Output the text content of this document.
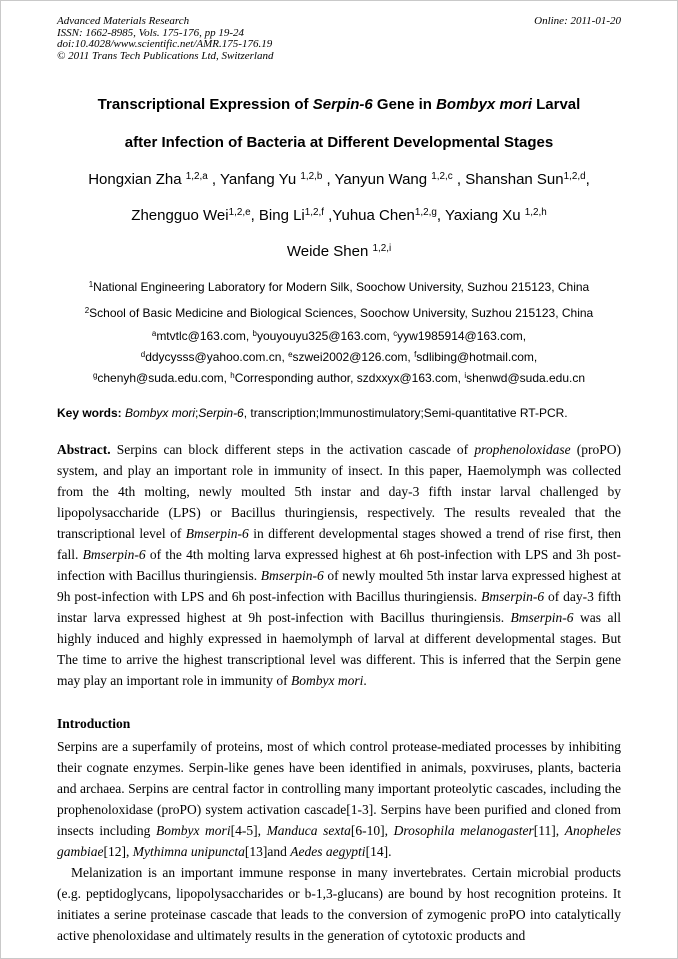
Advanced Materials Research
ISSN: 1662-8985, Vols. 175-176, pp 19-24
doi:10.4028/www.scientific.net/AMR.175-176.19
© 2011 Trans Tech Publications Ltd, Switzerland
Online: 2011-01-20
Transcriptional Expression of Serpin-6 Gene in Bombyx mori Larval
after Infection of Bacteria at Different Developmental Stages
Hongxian Zha $^{1,2,a}$ , Yanfang Yu $^{1,2,b}$ , Yanyun Wang $^{1,2,c}$ , Shanshan Sun$^{1,2,d}$,
Zhengguo Wei$^{1,2,e}$, Bing Li$^{1,2,f}$ ,Yuhua Chen$^{1,2,g}$, Yaxiang Xu $^{1,2,h}$
Weide Shen $^{1,2,i}$
$^1$National Engineering Laboratory for Modern Silk, Soochow University, Suzhou 215123, China
$^2$School of Basic Medicine and Biological Sciences, Soochow University, Suzhou 215123, China
$^a$mtvtlc@163.com, $^b$youyouyu325@163.com, $^c$yyw1985914@163.com,
$^d$ddycysss@yahoo.com.cn, $^e$szwei2002@126.com, $^f$sdlibing@hotmail.com,
$^g$chenyh@suda.edu.com, $^h$Corresponding author, szdxxyx@163.com, $^i$shenwd@suda.edu.cn

Key words: Bombyx mori;Serpin-6, transcription;Immunostimulatory;Semi-quantitative RT-PCR.

Abstract. Serpins can block different steps in the activation cascade of prophenoloxidase (proPO) system, and play an important role in immunity of insect. In this paper, Haemolymph was collected from the 4th molting, newly moulted 5th instar and day-3 fifth instar larval challenged by lipopolysaccharide (LPS) or Bacillus thuringiensis, respectively. The results revealed that the transcriptional level of Bmserpin-6 in different developmental stages showed a trend of rise first, then fall. Bmserpin-6 of the 4th molting larva expressed highest at 6h post-infection with LPS and 3h post-infection with Bacillus thuringiensis. Bmserpin-6 of newly moulted 5th instar larva expressed highest at 9h post-infection with LPS and 6h post-infection with Bacillus thuringiensis. Bmserpin-6 of day-3 fifth instar larva expressed highest at 9h post-infection with Bacillus thuringiensis. Bmserpin-6 was all highly induced and highly expressed in haemolymph of larval at different developmental stages. But The time to arrive the highest transcriptional level was different. This is inferred that the Serpin gene may play an important role in immunity of Bombyx mori.

Introduction

Serpins are a superfamily of proteins, most of which control protease-mediated processes by inhibiting their cognate enzymes. Serpin-like genes have been identified in animals, poxviruses, plants, bacteria and archaea. Serpins are central factor in controlling many important proteolytic cascades, including the prophenoloxidase (proPO) system activation cascade[1-3]. Serpins have been purified and cloned from insects including Bombyx mori[4-5], Manduca sexta[6-10], Drosophila melanogaster[11], Anopheles gambiae[12], Mythimna unipuncta[13]and Aedes aegypti[14].

Melanization is an important immune response in many invertebrates. Certain microbial products (e.g. peptidoglycans, lipopolysaccharides or b-1,3-glucans) are bound by host recognition proteins. It initiates a serine proteinase cascade that leads to the conversion of zymogenic proPO into catalytically active phenoloxidase and ultimately results in the generation of cytotoxic products and
